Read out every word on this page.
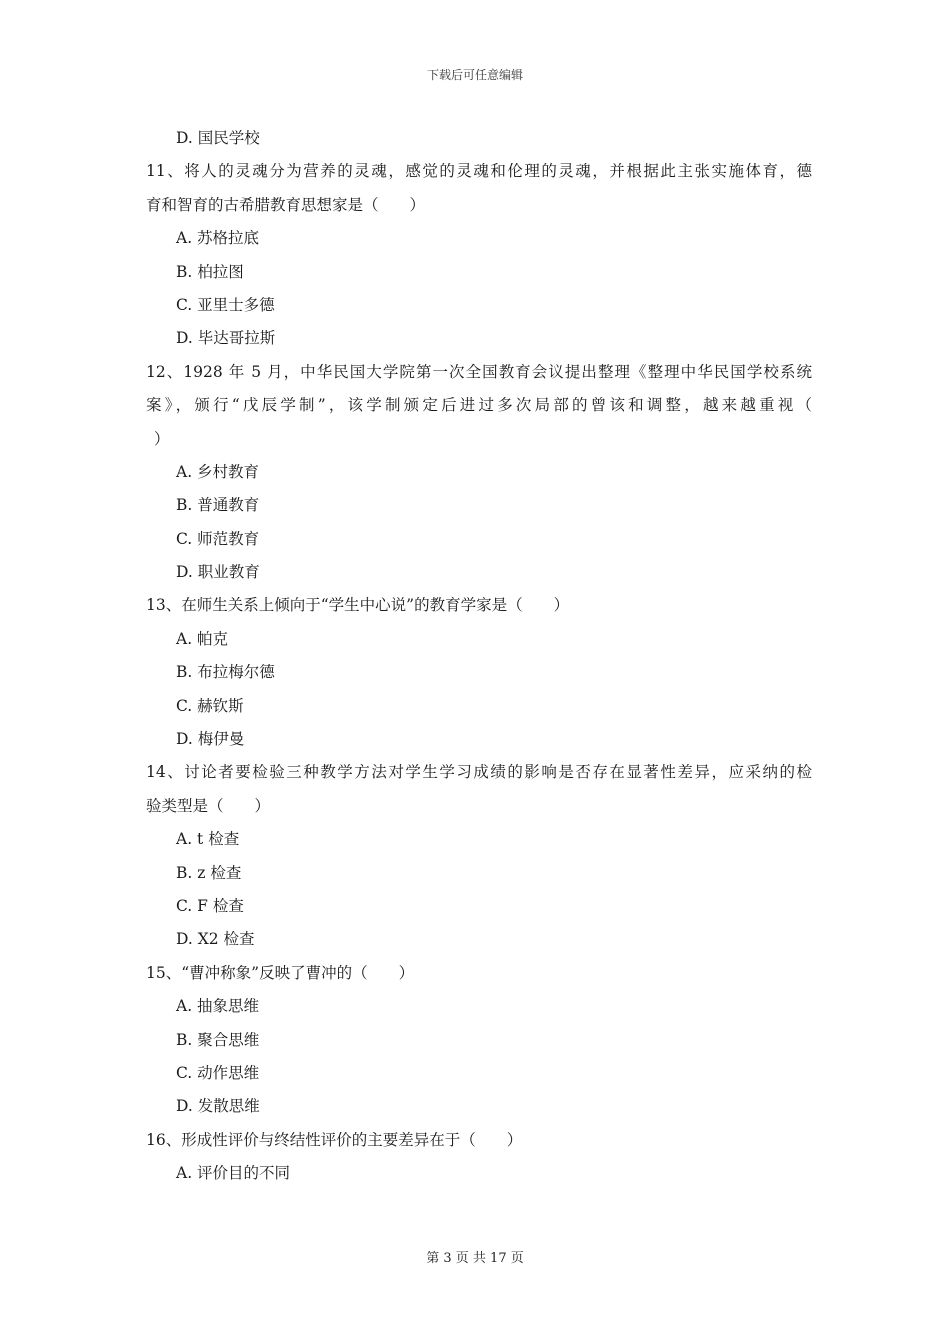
下载后可任意编辑
D. 国民学校
11、将人的灵魂分为营养的灵魂，感觉的灵魂和伦理的灵魂，并根据此主张实施体育，德
育和智育的古希腊教育思想家是（　　）
A. 苏格拉底
B. 柏拉图
C. 亚里士多德
D. 毕达哥拉斯
12、1928 年 5 月，中华民国大学院第一次全国教育会议提出整理《整理中华民国学校系统
案》，颁行“戊辰学制”，该学制颁定后进过多次局部的曾该和调整，越来越重视（
）
A. 乡村教育
B. 普通教育
C. 师范教育
D. 职业教育
13、在师生关系上倾向于“学生中心说”的教育学家是（　　）
A. 帕克
B. 布拉梅尔德
C. 赫钦斯
D. 梅伊曼
14、讨论者要检验三种教学方法对学生学习成绩的影响是否存在显著性差异，应采纳的检
验类型是（　　）
A. t 检查
B. z 检查
C. F 检查
D. X2 检查
15、“曹冲称象”反映了曹冲的（　　）
A. 抽象思维
B. 聚合思维
C. 动作思维
D. 发散思维
16、形成性评价与终结性评价的主要差异在于（　　）
A. 评价目的不同
第 3 页 共 17 页
